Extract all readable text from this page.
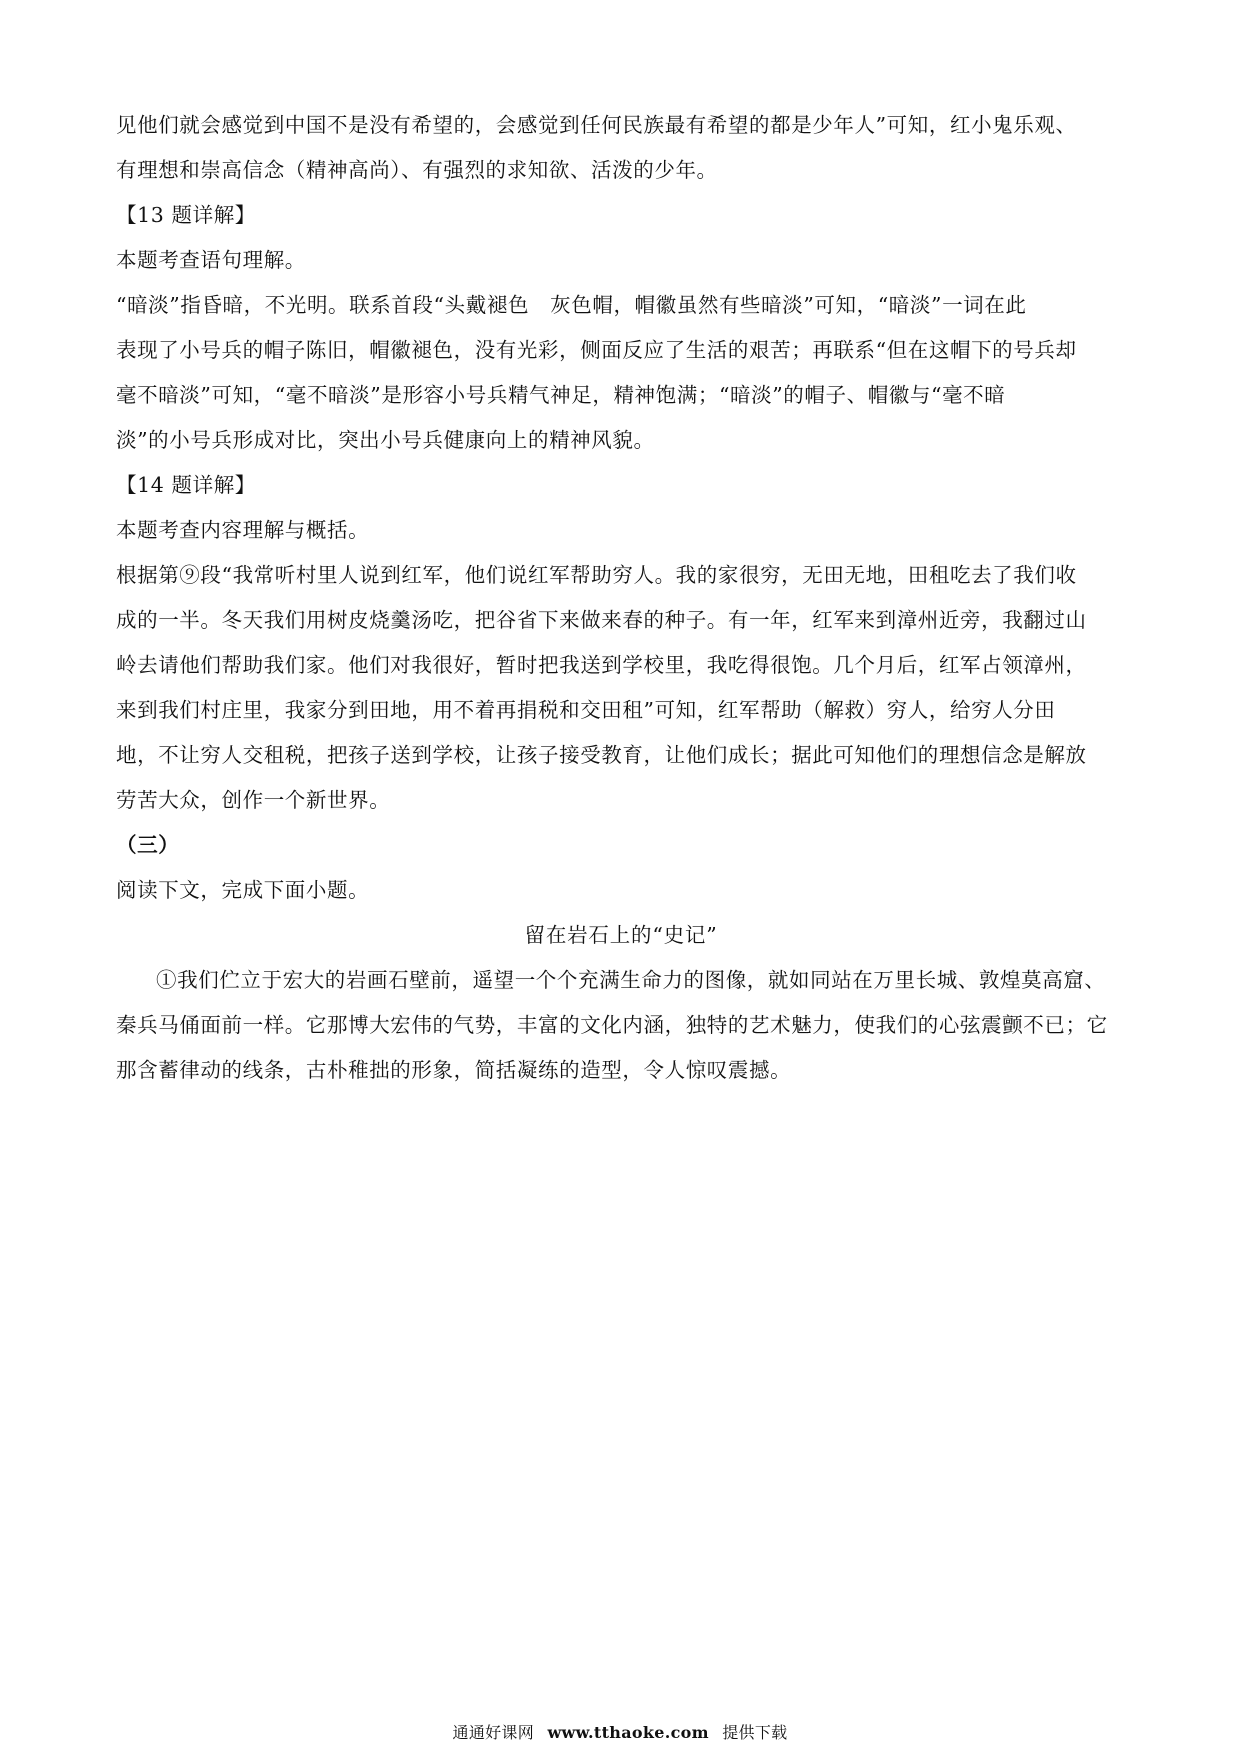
见他们就会感觉到中国不是没有希望的，会感觉到任何民族最有希望的都是少年人”可知，红小鬼乐观、

有理想和崇高信念（精神高尚）、有强烈的求知欲、活泼的少年。

【13 题详解】

本题考查语句理解。

“暗淡”指昏暗，不光明。联系首段“头戴褪色　灰色帽，帽徽虽然有些暗淡”可知，“暗淡”一词在此

表现了小号兵的帽子陈旧，帽徽褪色，没有光彩，侧面反应了生活的艰苦；再联系“但在这帽下的号兵却

毫不暗淡”可知，“毫不暗淡”是形容小号兵精气神足，精神饱满；“暗淡”的帽子、帽徽与“毫不暗

淡”的小号兵形成对比，突出小号兵健康向上的精神风貌。

【14 题详解】

本题考查内容理解与概括。

根据第⑨段“我常听村里人说到红军，他们说红军帮助穷人。我的家很穷，无田无地，田租吃去了我们收

成的一半。冬天我们用树皮烧羹汤吃，把谷省下来做来春的种子。有一年，红军来到漳州近旁，我翻过山

岭去请他们帮助我们家。他们对我很好，暂时把我送到学校里，我吃得很饱。几个月后，红军占领漳州，

来到我们村庄里，我家分到田地，用不着再捐税和交田租”可知，红军帮助（解救）穷人，给穷人分田

地，不让穷人交租税，把孩子送到学校，让孩子接受教育，让他们成长；据此可知他们的理想信念是解放

劳苦大众，创作一个新世界。

（三）

阅读下文，完成下面小题。

留在岩石上的“史记”

①我们伫立于宏大的岩画石壁前，遥望一个个充满生命力的图像，就如同站在万里长城、敦煌莫高窟、

秦兵马俑面前一样。它那博大宏伟的气势，丰富的文化内涵，独特的艺术魅力，使我们的心弦震颤不已；它

那含蓄律动的线条，古朴稚拙的形象，简括凝练的造型，令人惊叹震撼。

通通好课网 www.tthaoke.com 提供下载
